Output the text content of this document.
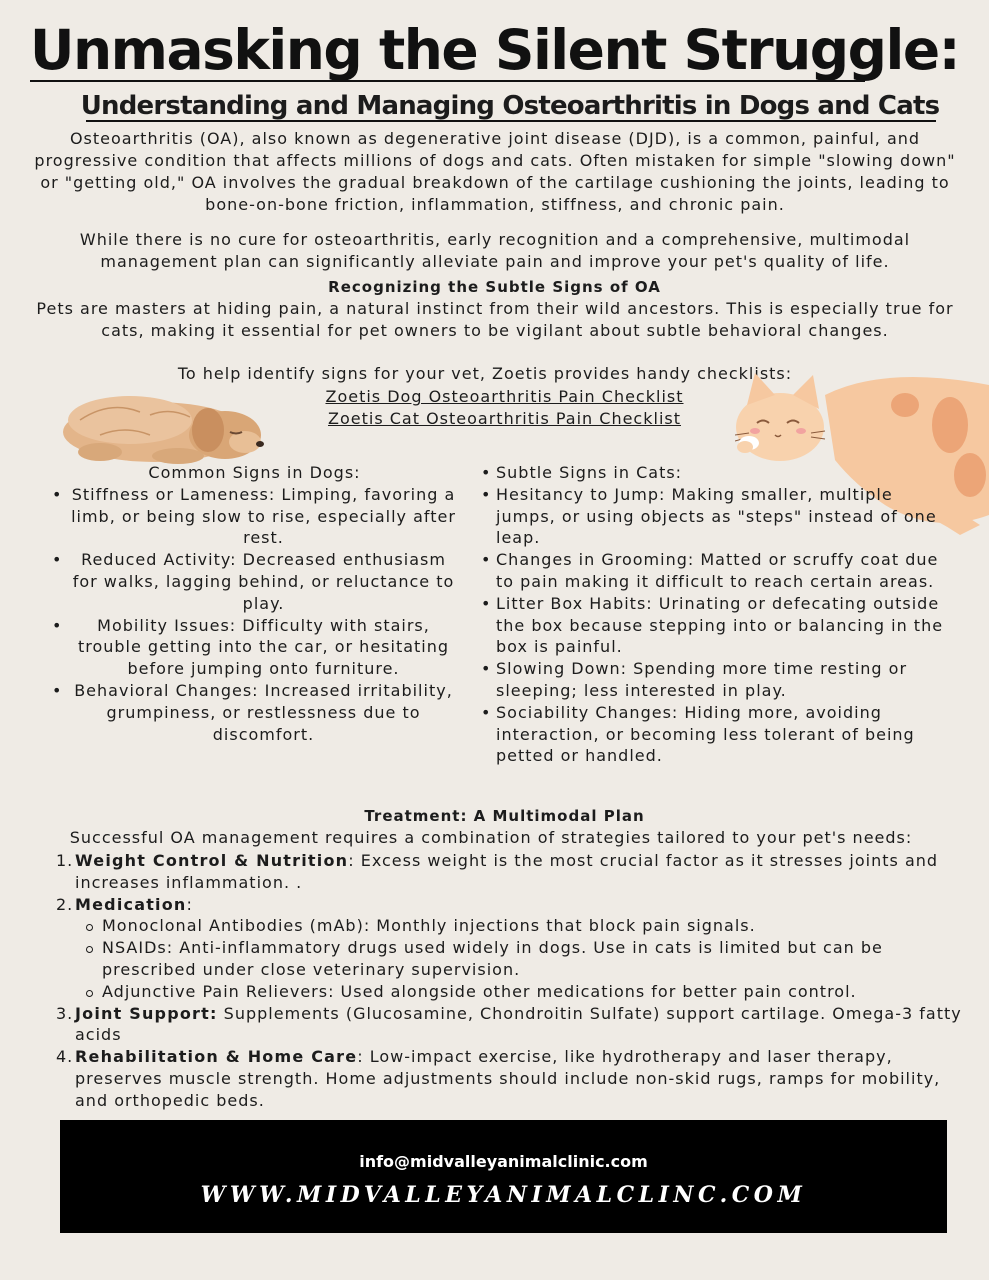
Unmasking the Silent Struggle:
Understanding and Managing Osteoarthritis in Dogs and Cats

Osteoarthritis (OA), also known as degenerative joint disease (DJD), is a common, painful, and progressive condition that affects millions of dogs and cats. Often mistaken for simple "slowing down" or "getting old," OA involves the gradual breakdown of the cartilage cushioning the joints, leading to bone-on-bone friction, inflammation, stiffness, and chronic pain.

While there is no cure for osteoarthritis, early recognition and a comprehensive, multimodal management plan can significantly alleviate pain and improve your pet's quality of life.

Recognizing the Subtle Signs of OA

Pets are masters at hiding pain, a natural instinct from their wild ancestors. This is especially true for cats, making it essential for pet owners to be vigilant about subtle behavioral changes.

To help identify signs for your vet, Zoetis provides handy checklists:

Zoetis Dog Osteoarthritis Pain Checklist

Zoetis Cat Osteoarthritis Pain Checklist

Common Signs in Dogs:

• Stiffness or Lameness: Limping, favoring a limb, or being slow to rise, especially after rest.
• Reduced Activity: Decreased enthusiasm for walks, lagging behind, or reluctance to play.
• Mobility Issues: Difficulty with stairs, trouble getting into the car, or hesitating before jumping onto furniture.
• Behavioral Changes: Increased irritability, grumpiness, or restlessness due to discomfort.
• Subtle Signs in Cats:
• Hesitancy to Jump: Making smaller, multiple jumps, or using objects as "steps" instead of one leap.
• Changes in Grooming: Matted or scruffy coat due to pain making it difficult to reach certain areas.
• Litter Box Habits: Urinating or defecating outside the box because stepping into or balancing in the box is painful.
• Slowing Down: Spending more time resting or sleeping; less interested in play.
• Sociability Changes: Hiding more, avoiding interaction, or becoming less tolerant of being petted or handled.
Treatment: A Multimodal Plan

Successful OA management requires a combination of strategies tailored to your pet's needs:

1. Weight Control & Nutrition: Excess weight is the most crucial factor as it stresses joints and increases inflammation. .
2. Medication:
Monoclonal Antibodies (mAb): Monthly injections that block pain signals.
NSAIDs: Anti-inflammatory drugs used widely in dogs. Use in cats is limited but can be prescribed under close veterinary supervision.
Adjunctive Pain Relievers: Used alongside other medications for better pain control.
3. Joint Support: Supplements (Glucosamine, Chondroitin Sulfate) support cartilage. Omega-3 fatty acids
4. Rehabilitation & Home Care: Low-impact exercise, like hydrotherapy and laser therapy, preserves muscle strength. Home adjustments should include non-skid rugs, ramps for mobility, and orthopedic beds.

info@midvalleyanimalclinic.com

WWW.MIDVALLEYANIMALCLINC.COM
